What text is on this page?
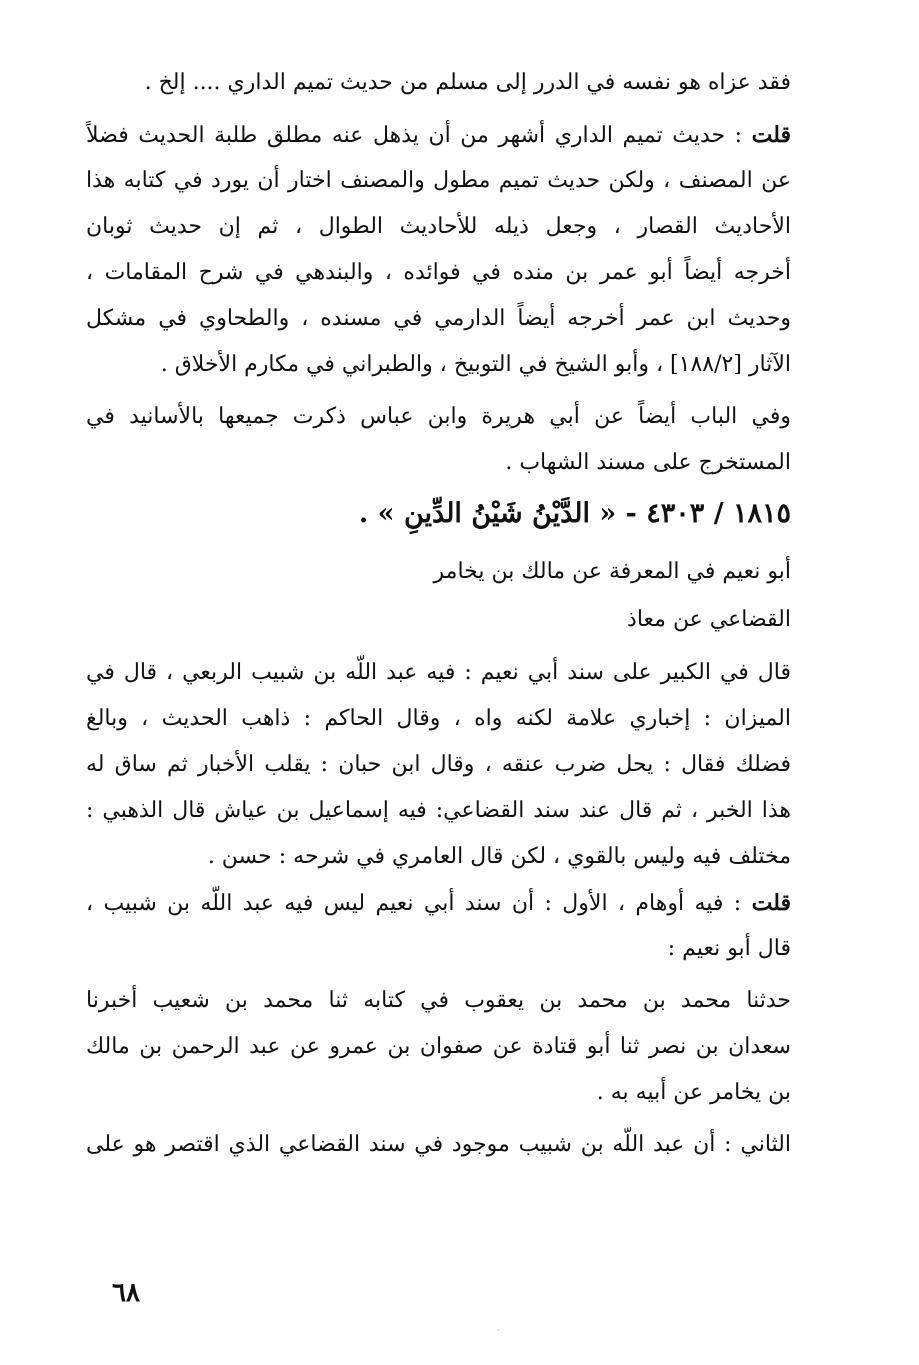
فقد عزاه هو نفسه في الدرر إلى مسلم من حديث تميم الداري .... إلخ .
قلت : حديث تميم الداري أشهر من أن يذهل عنه مطلق طلبة الحديث فضلاً
عن المصنف ، ولكن حديث تميم مطول والمصنف اختار أن يورد في كتابه هذا
الأحاديث القصار ، وجعل ذيله للأحاديث الطوال ، ثم إن حديث ثوبان
أخرجه أيضاً أبو عمر بن منده في فوائده ، والبندهي في شرح المقامات ،
وحديث ابن عمر أخرجه أيضاً الدارمي في مسنده ، والطحاوي في مشكل
الآثار [١٨٨/٢] ، وأبو الشيخ في التوبيخ ، والطبراني في مكارم الأخلاق .
وفي الباب أيضاً عن أبي هريرة وابن عباس ذكرت جميعها بالأسانيد في
المستخرج على مسند الشهاب .
١٨١٥ / ٤٣٠٣ - « الدَّيْنُ شَيْنُ الدِّينِ » .
أبو نعيم في المعرفة عن مالك بن يخامر
القضاعي عن معاذ
قال في الكبير على سند أبي نعيم : فيه عبد اللّه بن شبيب الربعي ، قال في
الميزان : إخباري علامة لكنه واه ، وقال الحاكم : ذاهب الحديث ، وبالغ
فضلك فقال : يحل ضرب عنقه ، وقال ابن حبان : يقلب الأخبار ثم ساق له
هذا الخبر ، ثم قال عند سند القضاعي: فيه إسماعيل بن عياش قال الذهبي :
مختلف فيه وليس بالقوي ، لكن قال العامري في شرحه : حسن .
قلت : فيه أوهام ، الأول : أن سند أبي نعيم ليس فيه عبد اللّه بن شبيب ،
قال أبو نعيم :
حدثنا محمد بن محمد بن يعقوب في كتابه ثنا محمد بن شعيب أخبرنا
سعدان بن نصر ثنا أبو قتادة عن صفوان بن عمرو عن عبد الرحمن بن مالك
بن يخامر عن أبيه به .
الثاني : أن عبد اللّه بن شبيب موجود في سند القضاعي الذي اقتصر هو على
٦٨
·
